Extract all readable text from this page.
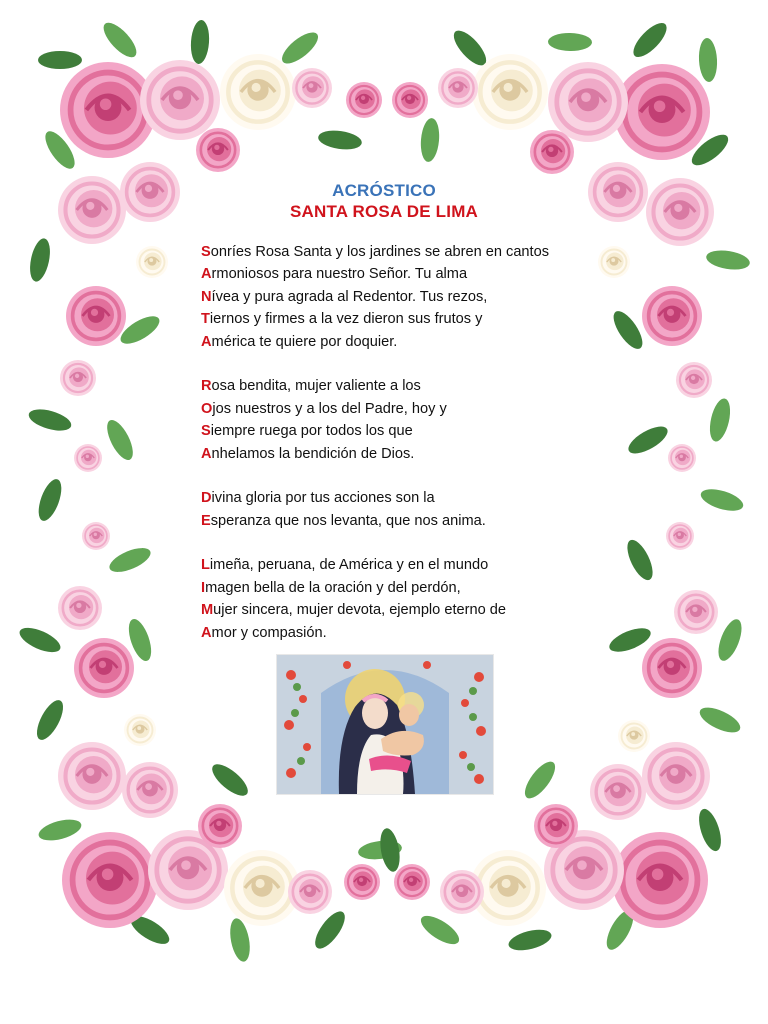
ACRÓSTICO
SANTA ROSA DE LIMA
Sonríes Rosa Santa y los jardines se abren en cantos
Armoniosos para nuestro Señor. Tu alma
Nívea y pura agrada al Redentor. Tus rezos,
Tiernos y firmes a la vez dieron sus frutos y
América te quiere por doquier.
Rosa bendita, mujer valiente a los
Ojos nuestros y a los del Padre, hoy y
Siempre ruega por todos los que
Anhelamos la bendición de Dios.
Divina gloria por tus acciones son la
Esperanza que nos levanta, que nos anima.
Limeña, peruana, de América y en el mundo
Imagen bella de la oración y del perdón,
Mujer sincera, mujer devota, ejemplo eterno de
Amor y compasión.
